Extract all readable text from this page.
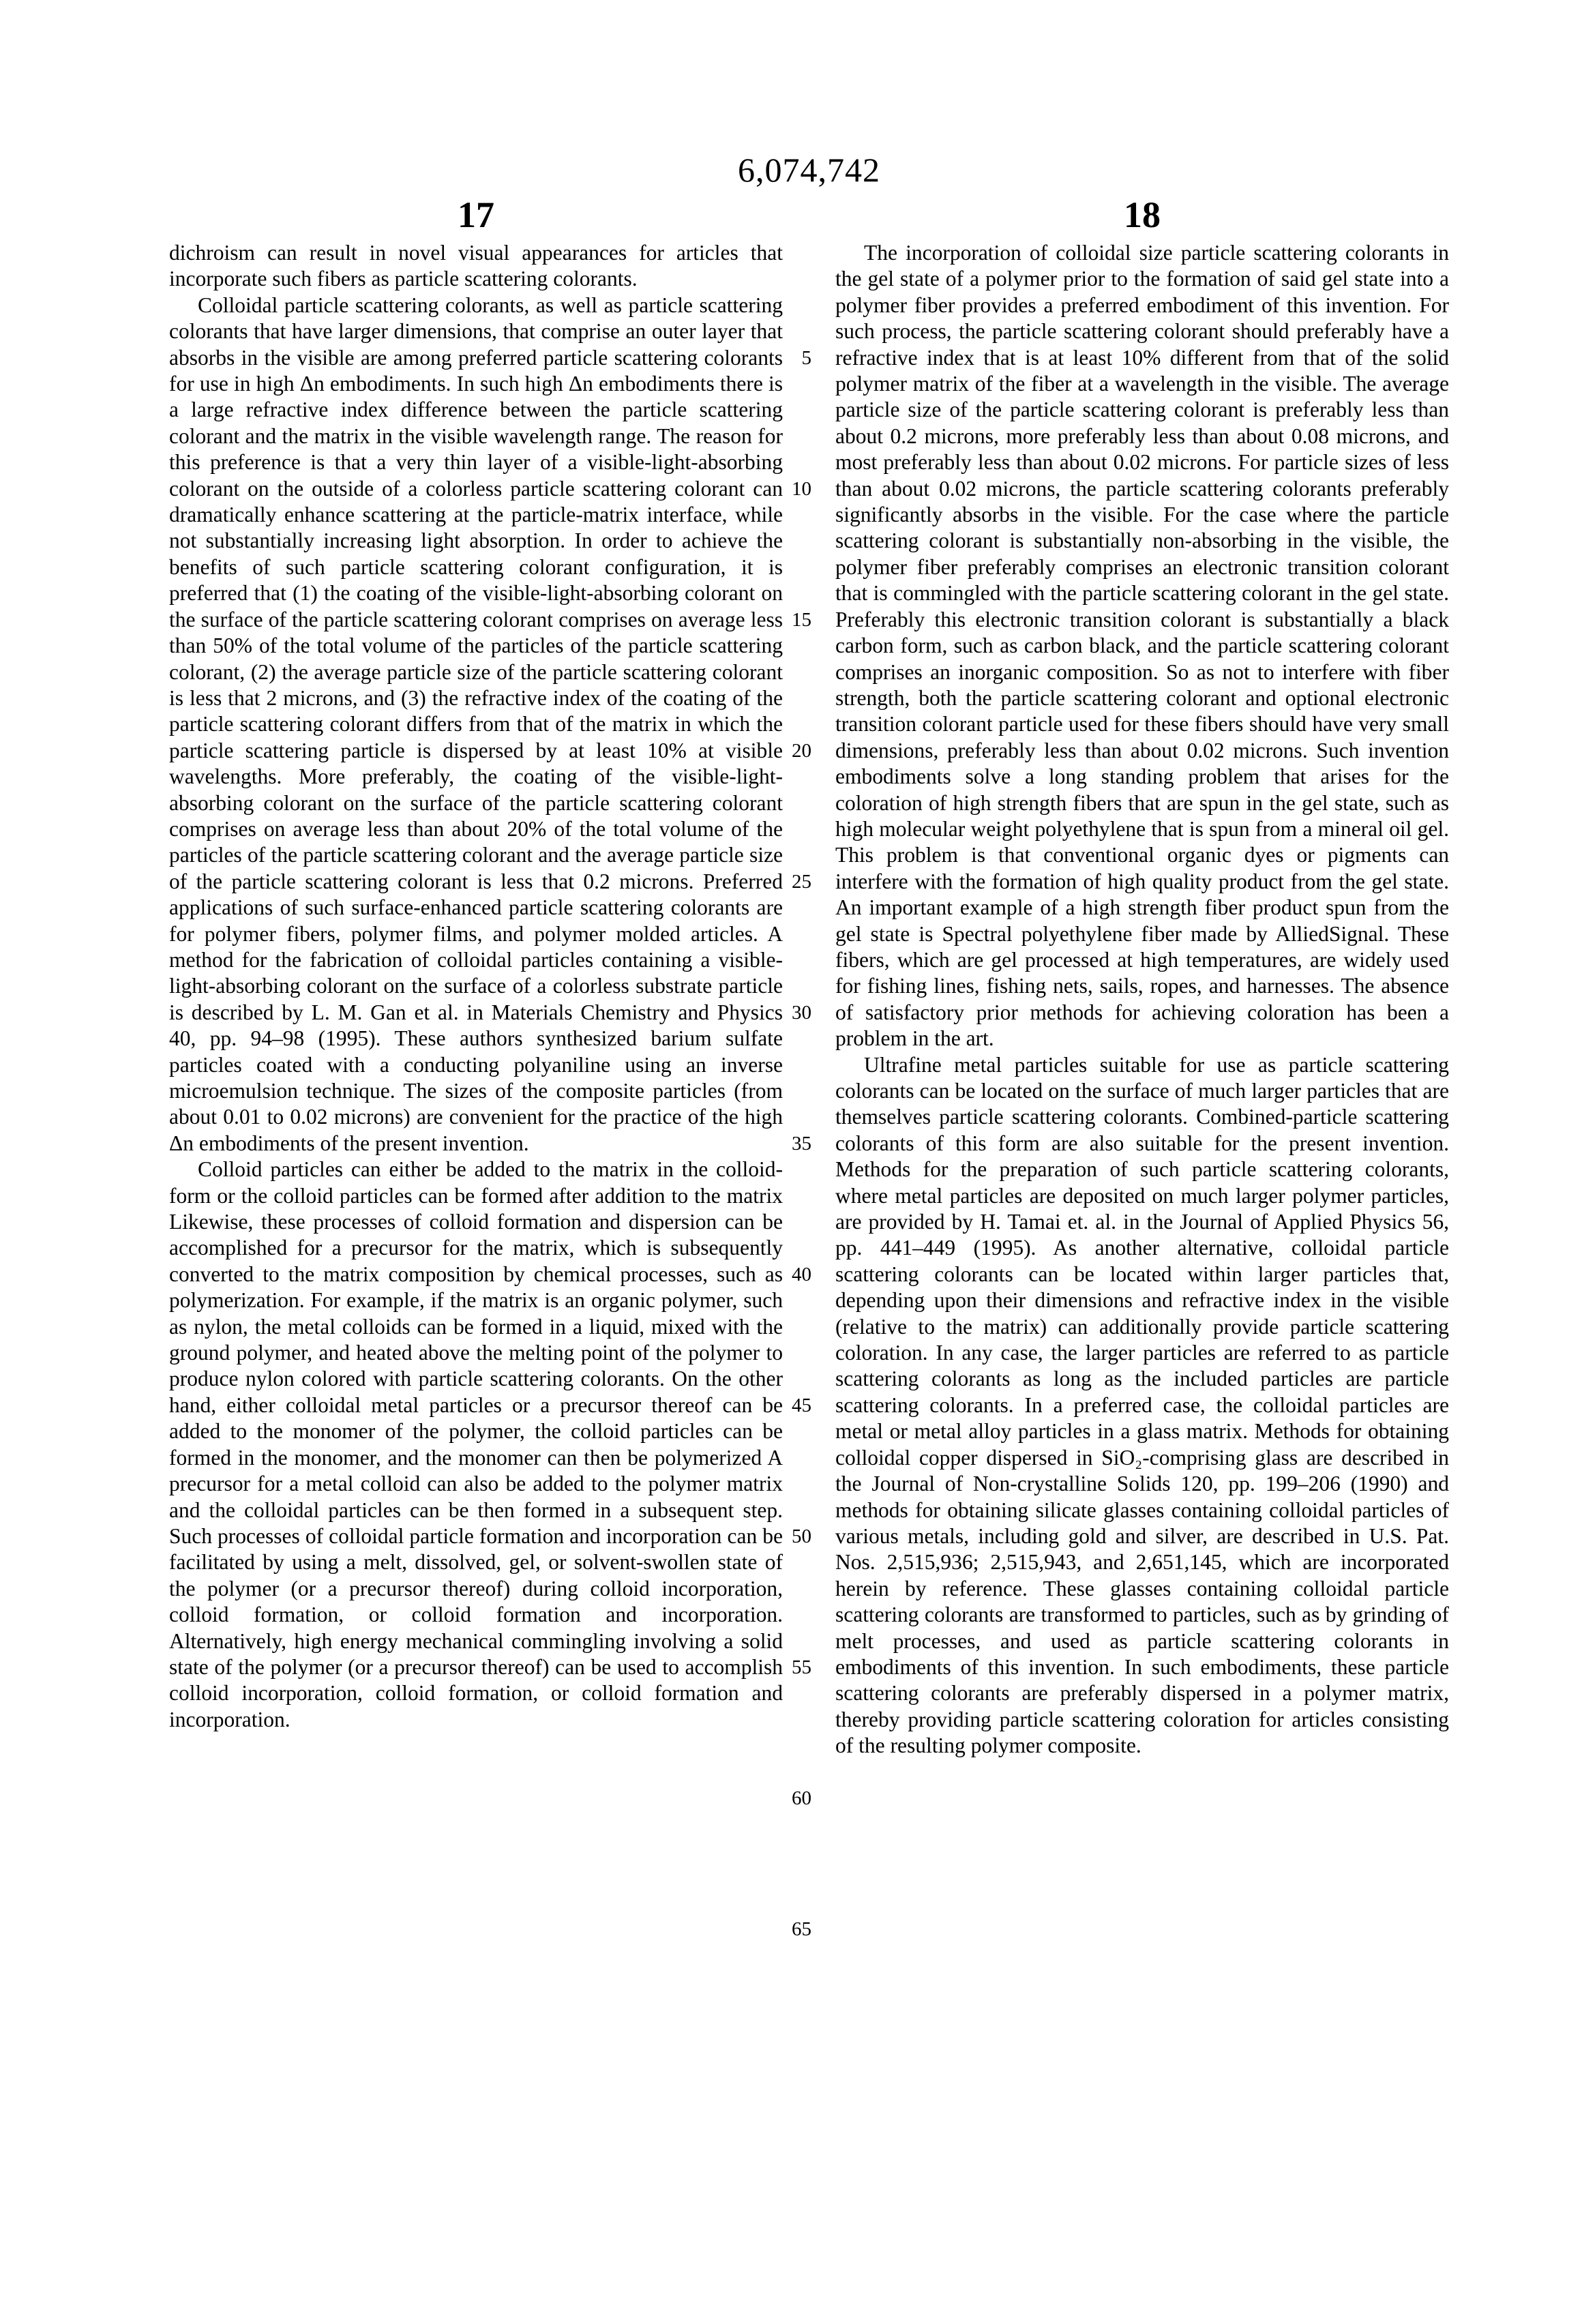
6,074,742
17	18

dichroism can result in novel visual appearances for articles that incorporate such fibers as particle scattering colorants.

Colloidal particle scattering colorants, as well as particle scattering colorants that have larger dimensions, that comprise an outer layer that absorbs in the visible are among preferred particle scattering colorants for use in high Δn embodiments. In such high Δn embodiments there is a large refractive index difference between the particle scattering colorant and the matrix in the visible wavelength range. The reason for this preference is that a very thin layer of a visible-light-absorbing colorant on the outside of a colorless particle scattering colorant can dramatically enhance scattering at the particle-matrix interface, while not substantially increasing light absorption. In order to achieve the benefits of such particle scattering colorant configuration, it is preferred that (1) the coating of the visible-light-absorbing colorant on the surface of the particle scattering colorant comprises on average less than 50% of the total volume of the particles of the particle scattering colorant, (2) the average particle size of the particle scattering colorant is less that 2 microns, and (3) the refractive index of the coating of the particle scattering colorant differs from that of the matrix in which the particle scattering particle is dispersed by at least 10% at visible wavelengths. More preferably, the coating of the visible-light-absorbing colorant on the surface of the particle scattering colorant comprises on average less than about 20% of the total volume of the particles of the particle scattering colorant and the average particle size of the particle scattering colorant is less that 0.2 microns. Preferred applications of such surface-enhanced particle scattering colorants are for polymer fibers, polymer films, and polymer molded articles. A method for the fabrication of colloidal particles containing a visible-light-absorbing colorant on the surface of a colorless substrate particle is described by L. M. Gan et al. in Materials Chemistry and Physics 40, pp. 94–98 (1995). These authors synthesized barium sulfate particles coated with a conducting polyaniline using an inverse microemulsion technique. The sizes of the composite particles (from about 0.01 to 0.02 microns) are convenient for the practice of the high Δn embodiments of the present invention.

Colloid particles can either be added to the matrix in the colloid-form or the colloid particles can be formed after addition to the matrix Likewise, these processes of colloid formation and dispersion can be accomplished for a precursor for the matrix, which is subsequently converted to the matrix composition by chemical processes, such as polymerization. For example, if the matrix is an organic polymer, such as nylon, the metal colloids can be formed in a liquid, mixed with the ground polymer, and heated above the melting point of the polymer to produce nylon colored with particle scattering colorants. On the other hand, either colloidal metal particles or a precursor thereof can be added to the monomer of the polymer, the colloid particles can be formed in the monomer, and the monomer can then be polymerized A precursor for a metal colloid can also be added to the polymer matrix and the colloidal particles can be then formed in a subsequent step. Such processes of colloidal particle formation and incorporation can be facilitated by using a melt, dissolved, gel, or solvent-swollen state of the polymer (or a precursor thereof) during colloid incorporation, colloid formation, or colloid formation and incorporation. Alternatively, high energy mechanical commingling involving a solid state of the polymer (or a precursor thereof) can be used to accomplish colloid incorporation, colloid formation, or colloid formation and incorporation.

The incorporation of colloidal size particle scattering colorants in the gel state of a polymer prior to the formation of said gel state into a polymer fiber provides a preferred embodiment of this invention. For such process, the particle scattering colorant should preferably have a refractive index that is at least 10% different from that of the solid polymer matrix of the fiber at a wavelength in the visible. The average particle size of the particle scattering colorant is preferably less than about 0.2 microns, more preferably less than about 0.08 microns, and most preferably less than about 0.02 microns. For particle sizes of less than about 0.02 microns, the particle scattering colorants preferably significantly absorbs in the visible. For the case where the particle scattering colorant is substantially non-absorbing in the visible, the polymer fiber preferably comprises an electronic transition colorant that is commingled with the particle scattering colorant in the gel state. Preferably this electronic transition colorant is substantially a black carbon form, such as carbon black, and the particle scattering colorant comprises an inorganic composition. So as not to interfere with fiber strength, both the particle scattering colorant and optional electronic transition colorant particle used for these fibers should have very small dimensions, preferably less than about 0.02 microns. Such invention embodiments solve a long standing problem that arises for the coloration of high strength fibers that are spun in the gel state, such as high molecular weight polyethylene that is spun from a mineral oil gel. This problem is that conventional organic dyes or pigments can interfere with the formation of high quality product from the gel state. An important example of a high strength fiber product spun from the gel state is Spectral polyethylene fiber made by AlliedSignal. These fibers, which are gel processed at high temperatures, are widely used for fishing lines, fishing nets, sails, ropes, and harnesses. The absence of satisfactory prior methods for achieving coloration has been a problem in the art.

Ultrafine metal particles suitable for use as particle scattering colorants can be located on the surface of much larger particles that are themselves particle scattering colorants. Combined-particle scattering colorants of this form are also suitable for the present invention. Methods for the preparation of such particle scattering colorants, where metal particles are deposited on much larger polymer particles, are provided by H. Tamai et. al. in the Journal of Applied Physics 56, pp. 441–449 (1995). As another alternative, colloidal particle scattering colorants can be located within larger particles that, depending upon their dimensions and refractive index in the visible (relative to the matrix) can additionally provide particle scattering coloration. In any case, the larger particles are referred to as particle scattering colorants as long as the included particles are particle scattering colorants. In a preferred case, the colloidal particles are metal or metal alloy particles in a glass matrix. Methods for obtaining colloidal copper dispersed in SiO₂-comprising glass are described in the Journal of Non-crystalline Solids 120, pp. 199–206 (1990) and methods for obtaining silicate glasses containing colloidal particles of various metals, including gold and silver, are described in U.S. Pat. Nos. 2,515,936; 2,515,943, and 2,651,145, which are incorporated herein by reference. These glasses containing colloidal particle scattering colorants are transformed to particles, such as by grinding of melt processes, and used as particle scattering colorants in embodiments of this invention. In such embodiments, these particle scattering colorants are preferably dispersed in a polymer matrix, thereby providing particle scattering coloration for articles consisting of the resulting polymer composite.

5
10
15
20
25
30
35
40
45
50
55
60
65
